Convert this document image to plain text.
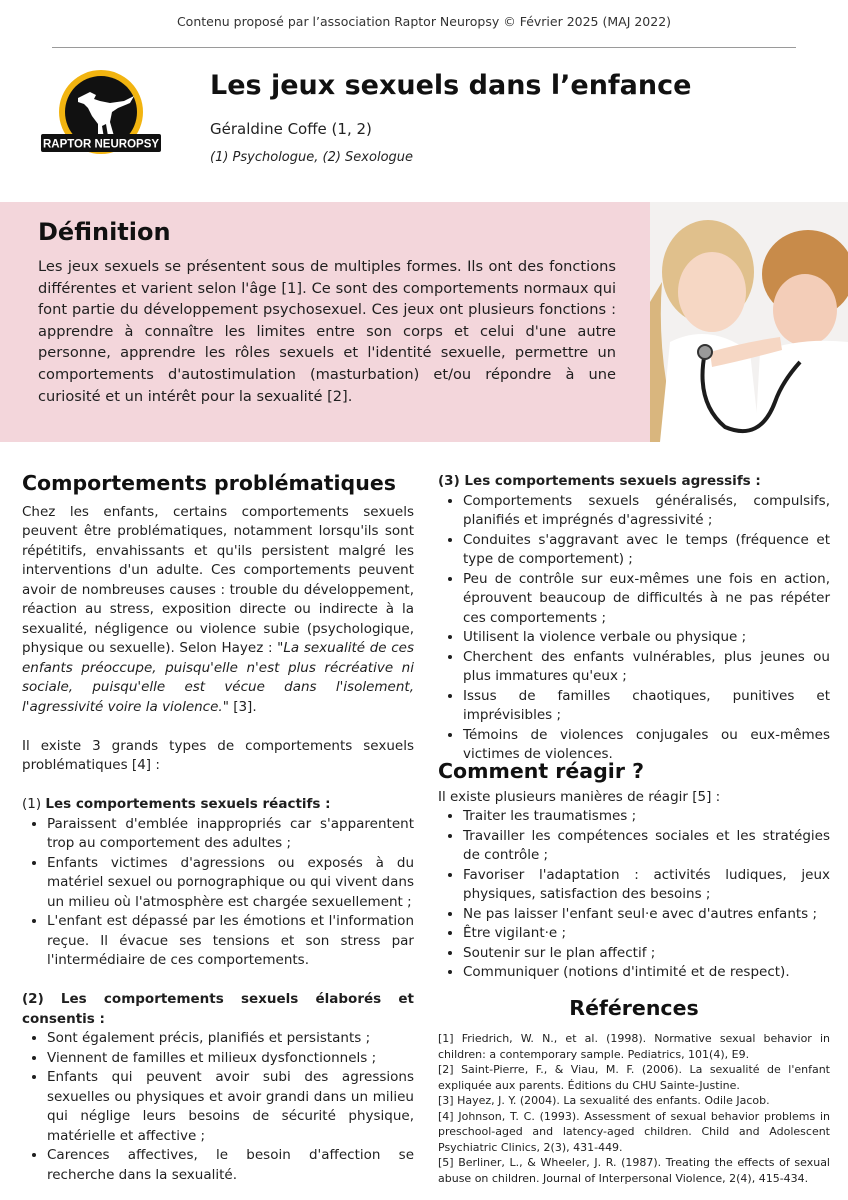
Contenu proposé par l’association Raptor Neuropsy © Février 2025 (MAJ 2022)
RAPTOR NEUROPSY
Les jeux sexuels dans l’enfance
Géraldine Coffe (1, 2)
(1) Psychologue, (2) Sexologue
Définition
Les jeux sexuels se présentent sous de multiples formes. Ils ont des fonctions différentes et varient selon l'âge [1]. Ce sont des comportements normaux qui font partie du développement psychosexuel. Ces jeux ont plusieurs fonctions : apprendre à connaître les limites entre son corps et celui d'une autre personne, apprendre les rôles sexuels et l'identité sexuelle, permettre un comportements d'autostimulation (masturbation) et/ou répondre à une curiosité et un intérêt pour la sexualité [2].
Comportements problématiques

Chez les enfants, certains comportements sexuels peuvent être problématiques, notamment lorsqu'ils sont répétitifs, envahissants et qu'ils persistent malgré les interventions d'un adulte. Ces comportements peuvent avoir de nombreuses causes : trouble du développement, réaction au stress, exposition directe ou indirecte à la sexualité, négligence ou violence subie (psychologique, physique ou sexuelle). Selon Hayez : "La sexualité de ces enfants préoccupe, puisqu'elle n'est plus récréative ni sociale, puisqu'elle est vécue dans l'isolement, l'agressivité voire la violence." [3].

Il existe 3 grands types de comportements sexuels problématiques [4] :

(1) Les comportements sexuels réactifs :

• Paraissent d'emblée inappropriés car s'apparentent trop au comportement des adultes ;
• Enfants victimes d'agressions ou exposés à du matériel sexuel ou pornographique ou qui vivent dans un milieu où l'atmosphère est chargée sexuellement ;
• L'enfant est dépassé par les émotions et l'information reçue. Il évacue ses tensions et son stress par l'intermédiaire de ces comportements.

(2) Les comportements sexuels élaborés et consentis :

• Sont également précis, planifiés et persistants ;
• Viennent de familles et milieux dysfonctionnels ;
• Enfants qui peuvent avoir subi des agressions sexuelles ou physiques et avoir grandi dans un milieu qui néglige leurs besoins de sécurité physique, matérielle et affective ;
• Carences affectives, le besoin d'affection se recherche dans la sexualité.

(3) Les comportements sexuels agressifs :

• Comportements sexuels généralisés, compulsifs, planifiés et imprégnés d'agressivité ;
• Conduites s'aggravant avec le temps (fréquence et type de comportement) ;
• Peu de contrôle sur eux-mêmes une fois en action, éprouvent beaucoup de difficultés à ne pas répéter ces comportements ;
• Utilisent la violence verbale ou physique ;
• Cherchent des enfants vulnérables, plus jeunes ou plus immatures qu'eux ;
• Issus de familles chaotiques, punitives et imprévisibles ;
• Témoins de violences conjugales ou eux-mêmes victimes de violences.
Comment réagir ?

Il existe plusieurs manières de réagir [5] :

• Traiter les traumatismes ;
• Travailler les compétences sociales et les stratégies de contrôle ;
• Favoriser l'adaptation : activités ludiques, jeux physiques, satisfaction des besoins ;
• Ne pas laisser l'enfant seul·e avec d'autres enfants ;
• Être vigilant·e ;
• Soutenir sur le plan affectif ;
• Communiquer (notions d'intimité et de respect).
Références

[1] Friedrich, W. N., et al. (1998). Normative sexual behavior in children: a contemporary sample. Pediatrics, 101(4), E9.

[2] Saint-Pierre, F., & Viau, M. F. (2006). La sexualité de l'enfant expliquée aux parents. Éditions du CHU Sainte-Justine.

[3] Hayez, J. Y. (2004). La sexualité des enfants. Odile Jacob.

[4] Johnson, T. C. (1993). Assessment of sexual behavior problems in preschool-aged and latency-aged children. Child and Adolescent Psychiatric Clinics, 2(3), 431-449.

[5] Berliner, L., & Wheeler, J. R. (1987). Treating the effects of sexual abuse on children. Journal of Interpersonal Violence, 2(4), 415-434.
